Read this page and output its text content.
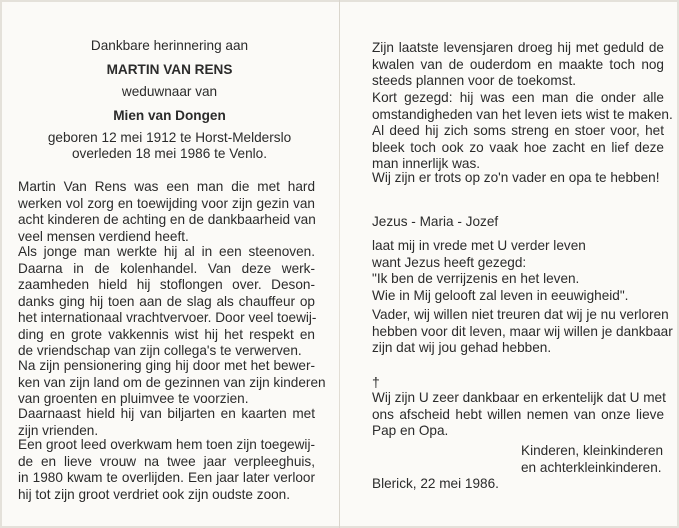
Dankbare herinnering aan

MARTIN VAN RENS

weduwnaar van

Mien van Dongen

geboren 12 mei 1912 te Horst-Melderslo

overleden 18 mei 1986 te Venlo.

Martin Van Rens was een man die met hard
werken vol zorg en toewijding voor zijn gezin van
acht kinderen de achting en de dankbaarheid van
veel mensen verdiend heeft.
Als jonge man werkte hij al in een steenoven.
Daarna in de kolenhandel. Van deze werk-
zaamheden hield hij stoflongen over. Deson-
danks ging hij toen aan de slag als chauffeur op
het internationaal vrachtvervoer. Door veel toewij-
ding en grote vakkennis wist hij het respekt en
de vriendschap van zijn collega's te verwerven.
Na zijn pensionering ging hij door met het bewer-
ken van zijn land om de gezinnen van zijn kinderen
van groenten en pluimvee te voorzien.
Daarnaast hield hij van biljarten en kaarten met
zijn vrienden.
Een groot leed overkwam hem toen zijn toegewij-
de en lieve vrouw na twee jaar verpleeghuis,
in 1980 kwam te overlijden. Een jaar later verloor
hij tot zijn groot verdriet ook zijn oudste zoon.
Zijn laatste levensjaren droeg hij met geduld de
kwalen van de ouderdom en maakte toch nog
steeds plannen voor de toekomst.
Kort gezegd: hij was een man die onder alle
omstandigheden van het leven iets wist te maken.
Al deed hij zich soms streng en stoer voor, het
bleek toch ook zo vaak hoe zacht en lief deze
man innerlijk was.
Wij zijn er trots op zo'n vader en opa te hebben!
Jezus - Maria - Jozef
laat mij in vrede met U verder leven
want Jezus heeft gezegd:
"Ik ben de verrijzenis en het leven.
Wie in Mij gelooft zal leven in eeuwigheid".
Vader, wij willen niet treuren dat wij je nu verloren
hebben voor dit leven, maar wij willen je dankbaar
zijn dat wij jou gehad hebben.
†
Wij zijn U zeer dankbaar en erkentelijk dat U met
ons afscheid hebt willen nemen van onze lieve
Pap en Opa.
Kinderen, kleinkinderen
en achterkleinkinderen.
Blerick, 22 mei 1986.
